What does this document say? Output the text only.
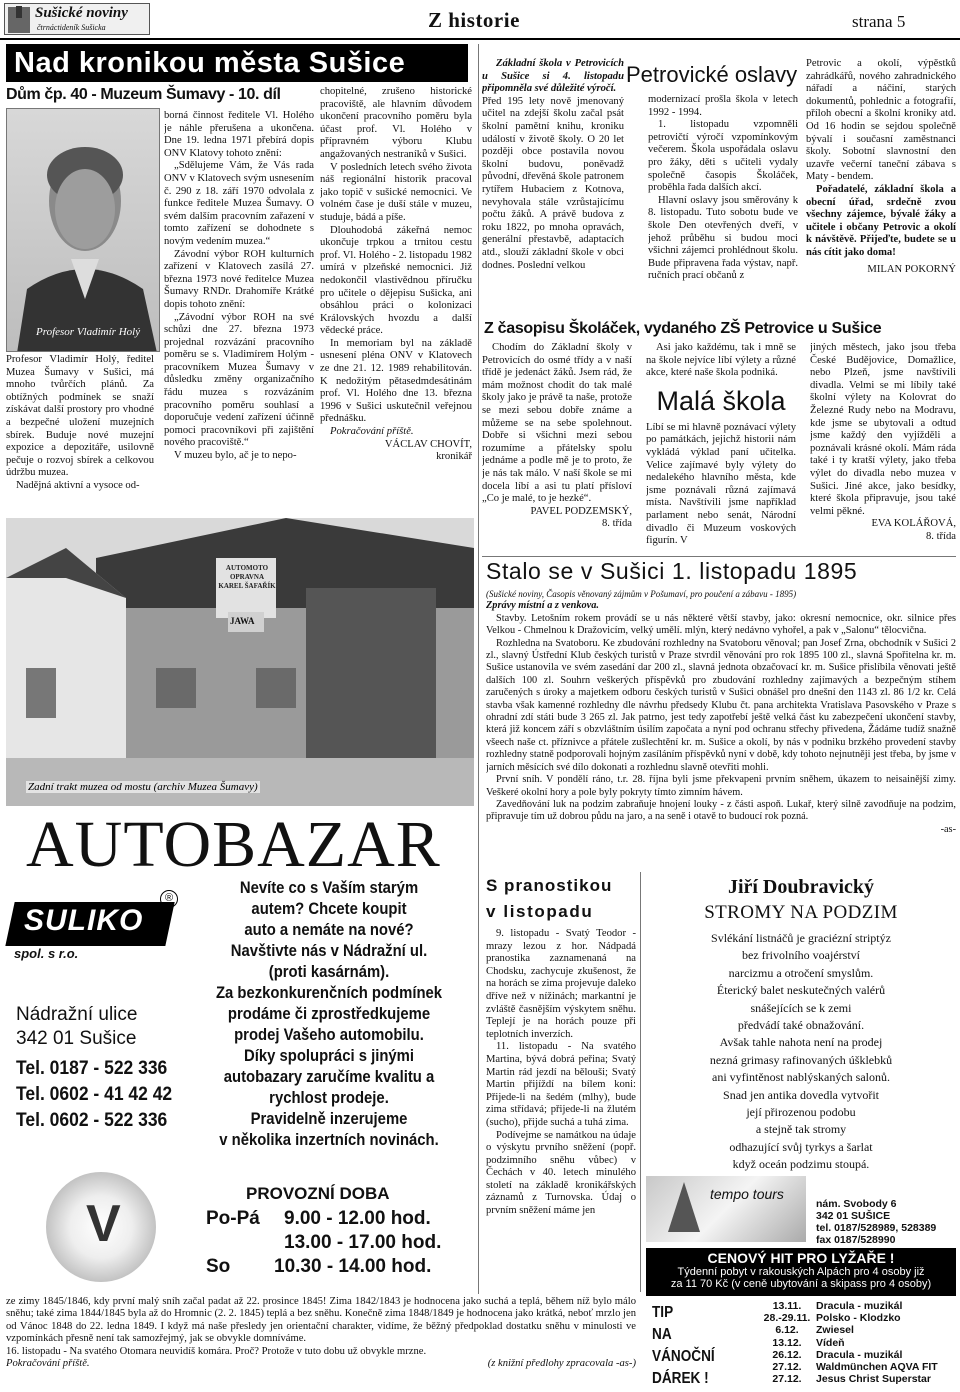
Sušické noviny
čtrnáctideník Sušicka	Z historie	strana 5
Nad kronikou města Sušice
Dům čp. 40 - Muzeum Šumavy - 10. díl
Profesor Vladimír Holý

Profesor Vladimír Holý, ředitel Muzea Šumavy v Sušici, má mnoho tvůrčích plánů. Za obtížných podmínek se snaží získávat další prostory pro vhodné a bezpečné uložení muzejních sbírek. Buduje nové muzejní expozice a depozitáře, usilovně pečuje o rozvoj sbírek a celkovou údržbu muzea.

Nadějná aktivní a vysoce od-

borná činnost ředitele Vl. Holého je náhle přerušena a ukončena. Dne 19. ledna 1971 přebírá dopis ONV Klatovy tohoto znění:

„Sdělujeme Vám, že Vás rada ONV v Klatovech svým usnesením č. 290 z 18. září 1970 odvolala z funkce ředitele Muzea Šumavy. O svém dalším pracovním zařazení v tomto zařízení se dohodnete s novým vedením muzea.“

Závodní výbor ROH kulturních zařízení v Klatovech zasílá 27. března 1973 nové ředitelce Muzea Šumavy RNDr. Drahomíře Krátké dopis tohoto znění:

„Závodní výbor ROH na své schůzi dne 27. března 1973 projednal rozvázání pracovního poměru se s. Vladimírem Holým - pracovníkem Muzea Šumavy v důsledku změny organizačního řádu muzea s rozvázáním pracovního poměru souhlasí a doporučuje vedení zařízení účinně pomoci pracovníkovi při zajištění nového pracoviště.“

V muzeu bylo, ač je to nepo-

chopitelné, zrušeno historické pracoviště, ale hlavním důvodem ukončení pracovního poměru byla účast prof. Vl. Holého v přípravném výboru Klubu angažovaných nestraníků v Sušici.

V posledních letech svého života náš regionální historik pracoval jako topič v sušické nemocnici. Ve volném čase je duší stále v muzeu, studuje, bádá a píše.

Dlouhodobá zákeřná nemoc ukončuje trpkou a trnitou cestu prof. Vl. Holého - 2. listopadu 1982 umírá v plzeňské nemocnici. Již nedokončil vlastivědnou příručku pro učitele o dějepisu Sušicka, ani obsáhlou práci o kolonizaci Královských hvozdu a další vědecké práce.

In memoriam byl na základě usnesení pléna ONV v Klatovech ze dne 21. 12. 1989 rehabilitován. K nedožitým pětasedmdesátinám prof. Vl. Holého dne 13. března 1996 v Sušici uskutečnil veřejnou přednášku.

Pokračování příště.

VÁCLAV CHOVÍT,
kronikář
AUTOMOTO OPRAVNA KAREL ŠAFAŘÍK
JAWA
Zadní trakt muzea od mostu (archiv Muzea Šumavy)

Základní škola v Petrovicích u Sušice si 4. listopadu připomněla své důležité výročí.

Před 195 lety nově jmenovaný učitel na zdejší školu začal psát školní pamětní knihu, kroniku událostí v životě školy. O 20 let později obce postavila novou školní budovu, poněvadž původní, dřevěná škole patronem rytířem Hubaciem z Kotnova, nevyhovala stále vzrůstajícímu počtu žáků. A právě budova z roku 1822, po mnoha opravách, generální přestavbě, adaptacích atd., slouží základní škole v obci dodnes. Poslední velkou

Petrovické oslavy

modernizací prošla škola v letech 1992 - 1994.

1. listopadu vzpomněli petrovičtí výročí vzpomínkovým večerem. Škola uspořádala oslavu pro žáky, děti s učiteli vydaly společně časopis Školáček, proběhla řada dalších akcí.

Hlavní oslavy jsou směrovány k 8. listopadu. Tuto sobotu bude ve škole Den otevřených dveří, v jehož průběhu si budou moci všichni zájemci prohlédnout školu. Bude připravena řada výstav, např. ručních prací občanů z

Petrovic a okolí, výpěstků zahrádkářů, nového zahradnického nářadí a náčiní, starých dokumentů, pohlednic a fotografií, příloh obecní a školní kroniky atd. Od 16 hodin se sejdou společně bývalí i současní zaměstnanci školy. Sobotní slavnostní den uzavře večerní taneční zábava s Maty - bendem.

Pořadatelé, základní škola a obecní úřad, srdečně zvou všechny zájemce, bývalé žáky a učitele i občany Petrovic a okolí k návštěvě. Přijeďte, budete se u nás cítit jako doma!

MILAN POKORNÝ
Z časopisu Školáček, vydaného ZŠ Petrovice u Sušice

Chodím do Základní školy v Petrovicích do osmé třídy a v naší třídě je jedenáct žáků. Jsem rád, že mám možnost chodit do tak malé školy jako je právě ta naše, protože se mezi sebou dobře známe a můžeme se na sebe spolehnout. Dobře si všichni mezi sebou rozumíme a přátelsky spolu jednáme a podle mě je to proto, že je nás tak málo. V naší škole se mi docela líbí a asi tu platí přísloví „Co je malé, to je hezké“.

PAVEL PODZEMSKÝ,
8. třída

Asi jako každému, tak i mně se na škole nejvíce líbí výlety a různé akce, které naše škola podniká.

Malá škola

Líbí se mi hlavně poznávací výlety po památkách, jejichž historii nám vykládá výklad paní učitelka. Velice zajímavé byly výlety do nedalekého hlavního města, kde jsme poznávali různá zajímavá místa. Navštívili jsme například parlament nebo senát, Národní divadlo či Muzeum voskových figurín. V

jiných městech, jako jsou třeba České Budějovice, Domažlice, nebo Plzeň, jsme navštívili divadla. Velmi se mi líbily také školní výlety na Kolovrat do Železné Rudy nebo na Modravu, kde jsme se ubytovali a odtud jsme každý den vyjížděli a poznávali krásné okolí. Mám ráda také i ty kratší výlety, jako třeba výlet do divadla nebo muzea v Sušici. Jiné akce, jako besídky, které škola připravuje, jsou také velmi pěkné.

EVA KOLÁŘOVÁ,
8. třída
Stalo se v Sušici 1. listopadu 1895
(Sušické noviny, Časopis věnovaný zájmům v Pošumaví, pro poučení a zábavu - 1895)
Zprávy místní a z venkova.

Stavby. Letošním rokem provádí se u nás některé větší stavby, jako: okresní nemocnice, okr. silnice přes Velkou - Chmelnou k Dražovicím, velký umělí. mlýn, který nedávno vyhořel, a pak v „Salonu“ tělocvična.

Rozhledna na Svatoboru. Ke zbudování rozhledny na Svatoboru věnoval; pan Josef Zrna, obchodník v Sušici 2 zl., slavný Ústřední Klub českých turistů v Praze stvrdil věnování pro rok 1895 100 zl., slavná Spořitelna kr. m. Sušice ustanovila ve svém zasedání dar 200 zl., slavná jednota obzačovací kr. m. Sušice přislíbila věnovati ještě dalších 100 zl. Souhrn veškerých příspěvků pro zbudování rozhledny zajímavých a bezpečným stíhem zaručených s úroky a majetkem odboru českých turistů v Sušici obnášel pro dnešní den 1143 zl. 86 1/2 kr. Celá stavba však kamenné rozhledny dle návrhu předsedy Klubu čt. pana architekta Vratislava Pasovského v Praze s ohradní zdí státi bude 3 265 zl. Jak patrno, jest tedy zapotřebí ještě velká část ku zabezpečení ukončení stavby, která již koncem září s obzvláštním úsilím započata a nyní pod ochranu střechy přivedena, Žádáme tudíž snažně všeech naše ct. příznivce a přátele zušlechtění kr. m. Sušice a okolí, by nás v podniku brzkého provedení stavby rozhledny statně podporovali hojným zasíláním příspěvků nyní v době, kdy tohoto nejnutněji jest třeba, by jsme v jarních měsících své dílo dokonati a rozhlednu slavně otevřiti mohli.

První sníh. V pondělí ráno, t.r. 28. října byli jsme překvapeni prvním sněhem, úkazem to neisainější zimy. Veškeré okolní hory a pole byly pokryty tímto zimním hávem.

Zavedňování luk na podzim zabraňuje hnojení louky - z části aspoň. Lukař, který silně zavodňuje na podzim, připravuje tím už dobrou půdu na jaro, a na seně i otavě to budoucí rok pozná.

-as-
S pranostikou
v listopadu

9. listopadu - Svatý Teodor - mrazy lezou z hor. Nádpadá pranostika zaznamenaná na Chodsku, zachycuje zkušenost, že na horách se zima projevuje daleko dříve než v nížinách; markantní je zvláště časnějším výskytem sněhu. Teplejí je na horách pouze při teplotních inverzích.

11. listopadu - Na svatého Martina, bývá dobrá peřina; Svatý Martin rád jezdí na bělouši; Svatý Martin přijíždí na bílem koni: Přijede-li na šedém (mlhy), bude zima střídavá; přijede-li na žlutém (sucho), přijde suchá a tuhá zima.

Podívejme se namátkou na údaje o výskytu prvního sněžení (popř. podzimního sněhu vůbec) v Čechách v 40. letech minulého století na základě kronikářských záznamů z Turnovska. Údaj o prvním sněžení máme jen

ze zimy 1845/1846, kdy první malý sníh začal padat až 22. prosince 1845! Zima 1842/1843 je hodnocena jako suchá a teplá, během níž bylo málo sněhu; také zima 1844/1845 byla až do Hromnic (2. 2. 1845) teplá a bez sněhu. Konečně zima 1848/1849 je hodnocena jako krátká, neboť mrzlo jen od Vánoc 1848 do 22. ledna 1849. I když má naše přesledy jen orientační charakter, vidíme, že běžný předpoklad dostatku sněhu v minulosti ve vzpomínkách přesně není tak samozřejmý, jak se obvykle domníváme.

16. listopadu - Na svatého Otomara neuvidíš komára. Proč? Protože v tuto dobu už obvykle mrzne.

Pokračování příště.	(z knižní předlohy zpracovala -as-)
AUTOBAZAR
SULIKO
®
spol. s r.o.
Nádražní ulice
342 01 Sušice
Tel. 0187 - 522 336
Tel. 0602 - 41 42 42
Tel. 0602 - 522 336
Nevíte co s Vaším starým
autem? Chcete koupit
auto a nemáte na nové?
Navštivte nás v Nádražní ul.
(proti kasárnám).
Za bezkonkurenčních podmínek
prodáme či zprostředkujeme
prodej Vašeho automobilu.
Díky spolupráci s jinými
autobazary zaručíme kvalitu a
rychlost prodeje.
Pravidelně inzerujeme
v několika inzertních novinách.
V
PROVOZNÍ DOBA
Po-Pá 9.00 - 12.00 hod.
13.00 - 17.00 hod.
So 10.30 - 14.00 hod.
Jiří Doubravický
STROMY NA PODZIM
Svlékání listnáčů je graciézní striptýz
bez frivolního voajérství
narcizmu a otročení smyslům.
Éterický balet neskutečných valérů
snášejících se k zemi
předvádí také obnažování.
Avšak tahle nahota není na prodej
nezná grimasy rafinovaných úšklebků
ani vyfintěnost nablýskaných salonů.
Snad jen antika dovedla vytvořit
její přirozenou podobu
a stejně tak stromy
odhazující svůj tyrkys a šarlat
když oceán podzimu stoupá.
tempo tours
nám. Svobody 6
342 01 SUŠICE
tel. 0187/528989, 528389
fax 0187/528990
CENOVÝ HIT PRO LYŽAŘE !
Týdenní pobyt v rakouských Alpách pro 4 osoby již
za 11 70 Kč (v ceně ubytování a skipass pro 4 osoby)
TIP
NA
VÁNOČNÍ
DÁREK !
13.11.	Dracula - muzikál
28.-29.11. Polsko - Klodzko
6.12.	Zwiesel
13.12.	Vídeň
26.12.	Dracula - muzikál
27.12.	Waldmünchen AQVA FIT
27.12.	Jesus Christ Superstar
